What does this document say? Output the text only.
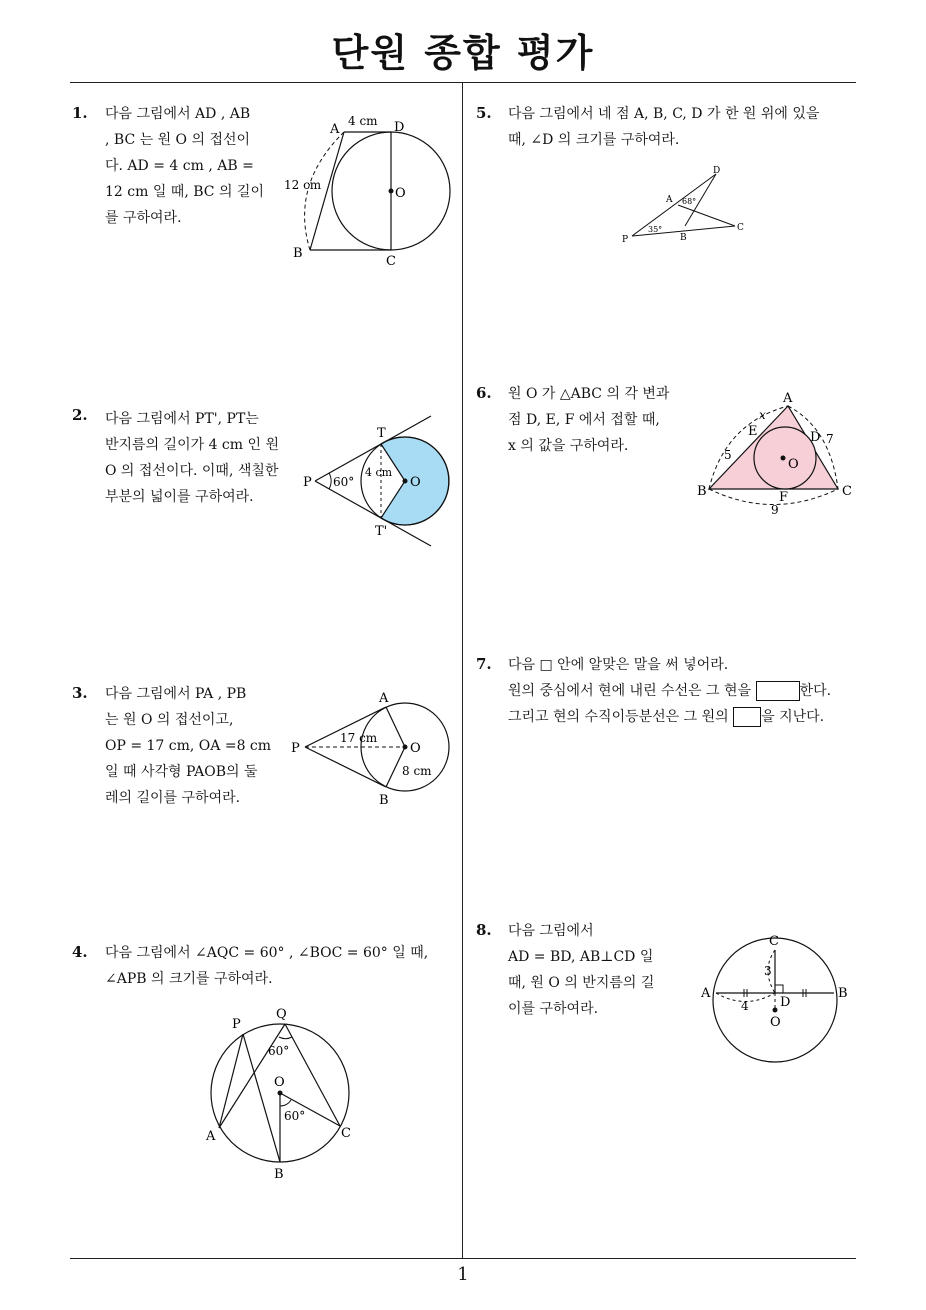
단원 종합 평가
1
1. 다음 그림에서 AD , AB
, BC 는 원 O 의 접선이
다. AD = 4 cm , AB =
12 cm 일 때, BC 의 길이
를 구하여라.
A	D
O
B
C
4 cm
12 cm
2. 다음 그림에서 PT', PT는
반지름의 길이가 4 cm 인 원
O 의 접선이다. 이때, 색칠한
부분의 넓이를 구하여라.
P
T
T'
O
60°
4 cm
3. 다음 그림에서 PA , PB
는 원 O 의 접선이고,
OP = 17 cm, OA =8 cm
일 때 사각형 PAOB의 둘
레의 길이를 구하여라.
P
A
B
O
17 cm
8 cm
4. 다음 그림에서 ∠AQC = 60° , ∠BOC = 60° 일 때,
∠APB 의 크기를 구하여라.
P
Q
O
A
B
C
60°
60°
5. 다음 그림에서 네 점 A, B, C, D 가 한 원 위에 있을
때, ∠D 의 크기를 구하여라.
D
A
B
C
P
68°
35°
6. 원 O 가 △ABC 의 각 변과
점 D, E, F 에서 접할 때,
x 의 값을 구하여라.
A
B	C
D
E
F
O
x
5
7
9
7. 다음 □ 안에 알맞은 말을 써 넣어라.
원의 중심에서 현에 내린 수선은 그 현을	한다.
그리고 현의 수직이등분선은 그 원의 을 지난다.
8. 다음 그림에서
AD = BD, AB⊥CD 일
때, 원 O 의 반지름의 길
이를 구하여라.
A	B
C
D
O
3
4
